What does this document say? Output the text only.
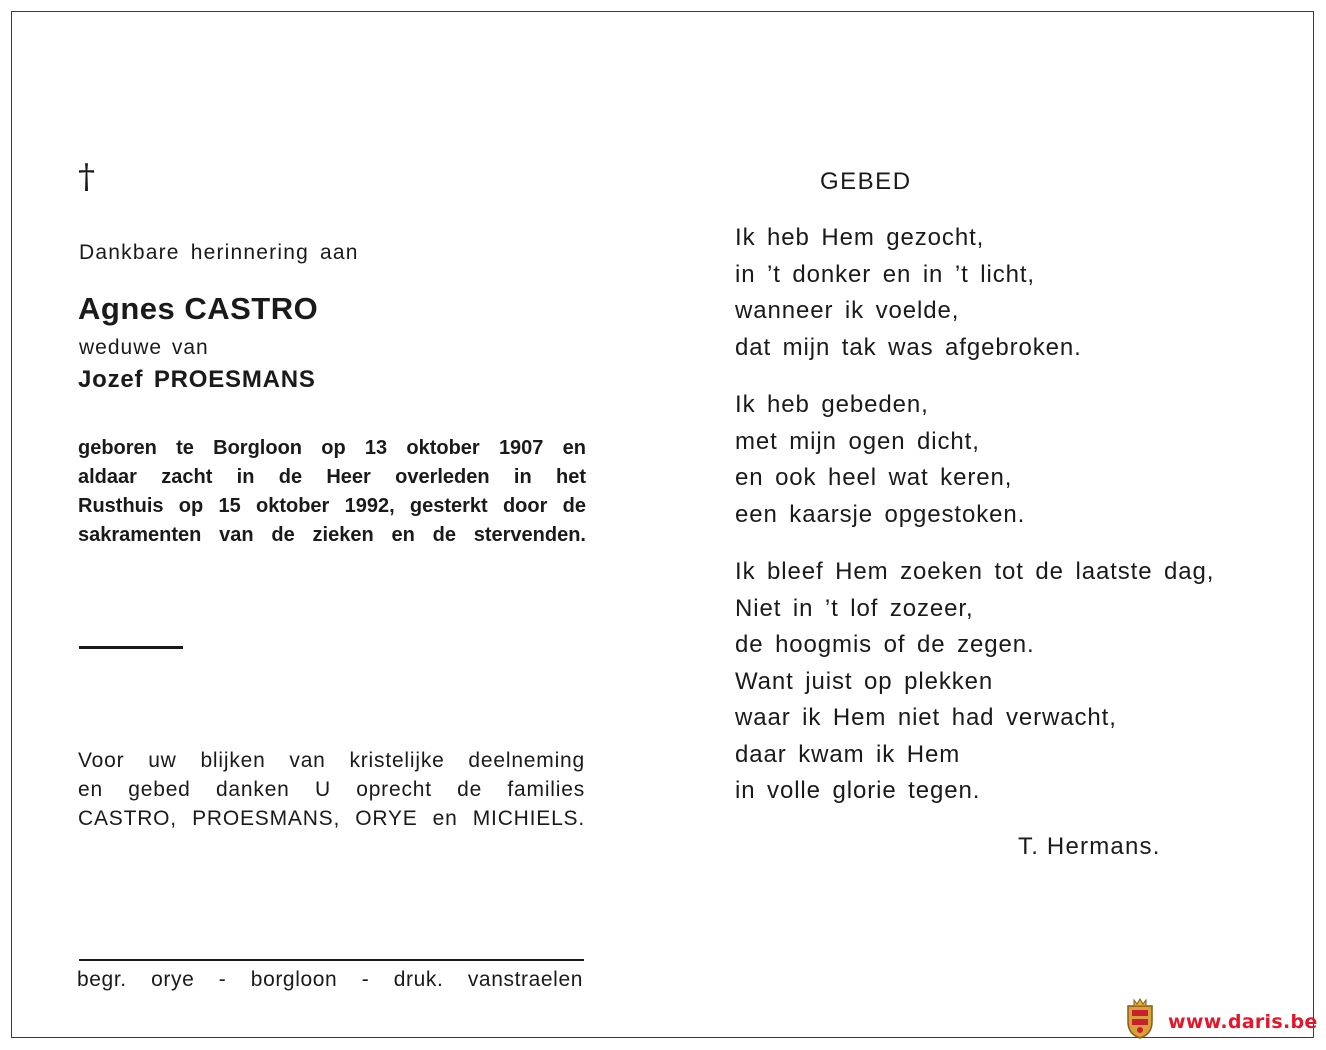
†
Dankbare herinnering aan
Agnes CASTRO
weduwe van
Jozef PROESMANS
geboren te Borgloon op 13 oktober 1907 en
aldaar zacht in de Heer overleden in het
Rusthuis op 15 oktober 1992, gesterkt door de
sakramenten van de zieken en de stervenden.
Voor uw blijken van kristelijke deelneming
en gebed danken U oprecht de families
CASTRO, PROESMANS, ORYE en MICHIELS.
begr. orye - borgloon - druk. vanstraelen
GEBED
Ik heb Hem gezocht,
in ’t donker en in ’t licht,
wanneer ik voelde,
dat mijn tak was afgebroken.
Ik heb gebeden,
met mijn ogen dicht,
en ook heel wat keren,
een kaarsje opgestoken.
Ik bleef Hem zoeken tot de laatste dag,
Niet in ’t lof zozeer,
de hoogmis of de zegen.
Want juist op plekken
waar ik Hem niet had verwacht,
daar kwam ik Hem
in volle glorie tegen.
T. Hermans.
www.daris.be
